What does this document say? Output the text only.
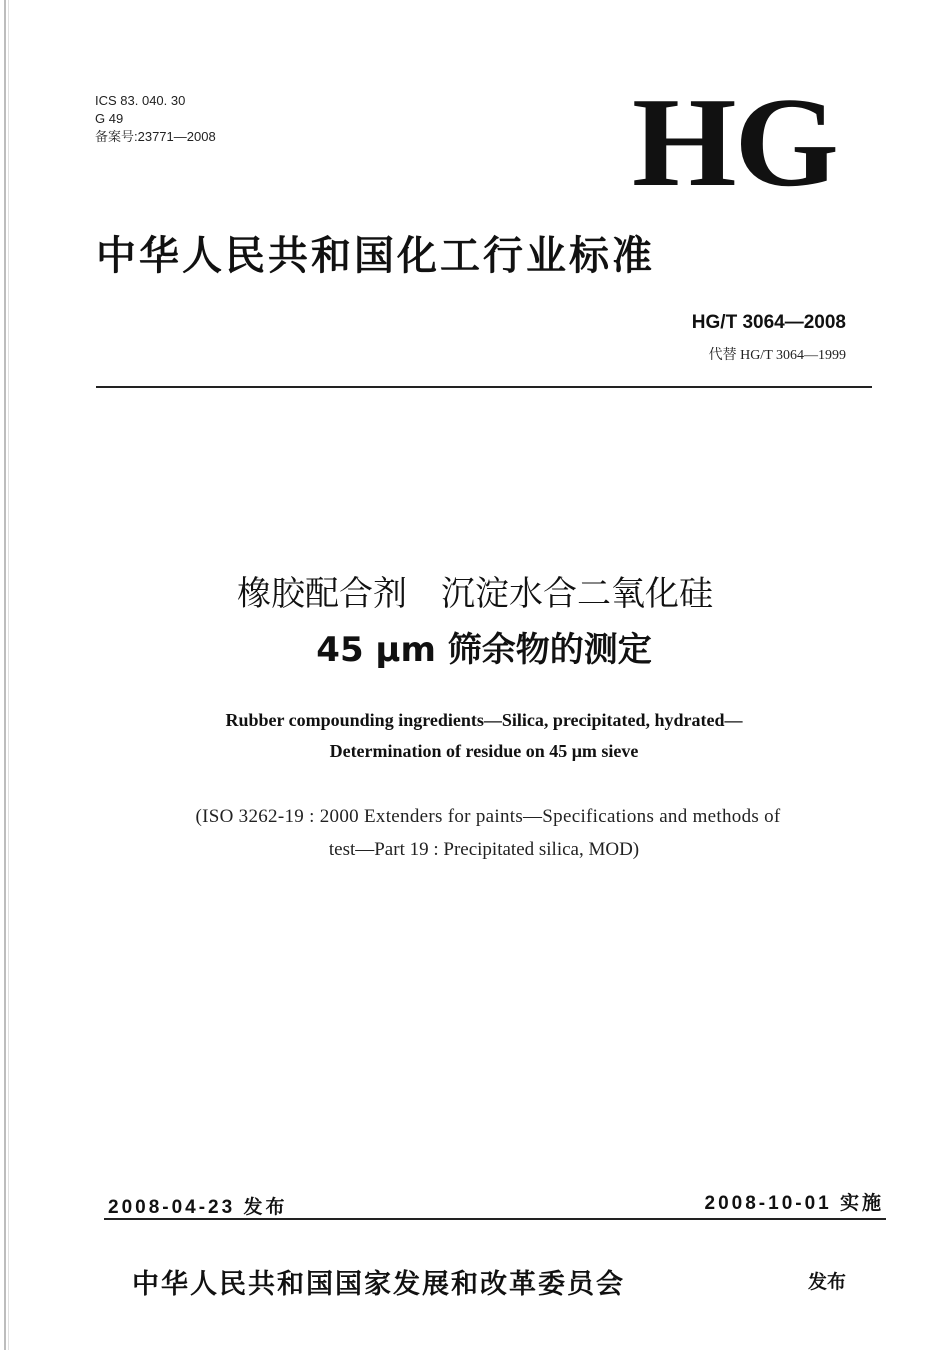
ICS 83. 040. 30
G 49
备案号:23771—2008	HG
中华人民共和国化工行业标准
HG/T 3064—2008
代替 HG/T 3064—1999
橡胶配合剂　沉淀水合二氧化硅
45 μm 筛余物的测定
Rubber compounding ingredients—Silica, precipitated, hydrated—
Determination of residue on 45 μm sieve
(ISO 3262-19 : 2000 Extenders for paints—Specifications and methods of
test—Part 19 : Precipitated silica, MOD)
2008-04-23 发布	2008-10-01 实施
中华人民共和国国家发展和改革委员会	发布
